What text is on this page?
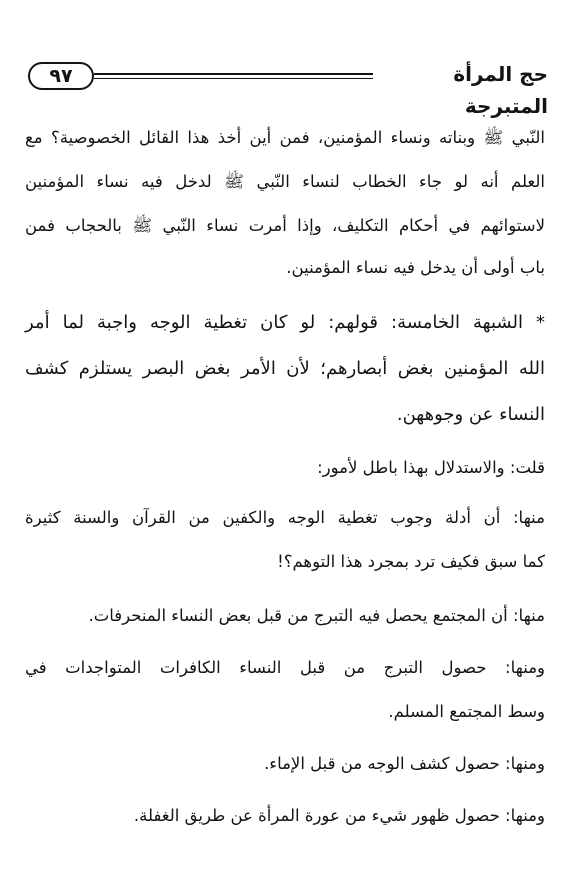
٩٧	حج المرأة المتبرجة
النّبي ﷺ وبناته ونساء المؤمنين، فمن أين أخذ هذا القائل الخصوصية؟ مع
العلم أنه لو جاء الخطاب لنساء النّبي ﷺ لدخل فيه نساء المؤمنين
لاستوائهم في أحكام التكليف، وإذا أمرت نساء النّبي ﷺ بالحجاب فمن
باب أولى أن يدخل فيه نساء المؤمنين.
* الشبهة الخامسة: قولهم: لو كان تغطية الوجه واجبة لما أمر
الله المؤمنين بغض أبصارهم؛ لأن الأمر بغض البصر يستلزم كشف
النساء عن وجوههن.
قلت: والاستدلال بهذا باطل لأمور:
منها: أن أدلة وجوب تغطية الوجه والكفين من القرآن والسنة كثيرة
كما سبق فكيف ترد بمجرد هذا التوهم؟!
منها: أن المجتمع يحصل فيه التبرج من قبل بعض النساء المنحرفات.
ومنها: حصول التبرج من قبل النساء الكافرات المتواجدات في
وسط المجتمع المسلم.
ومنها: حصول كشف الوجه من قبل الإماء.
ومنها: حصول ظهور شيء من عورة المرأة عن طريق الغفلة.
